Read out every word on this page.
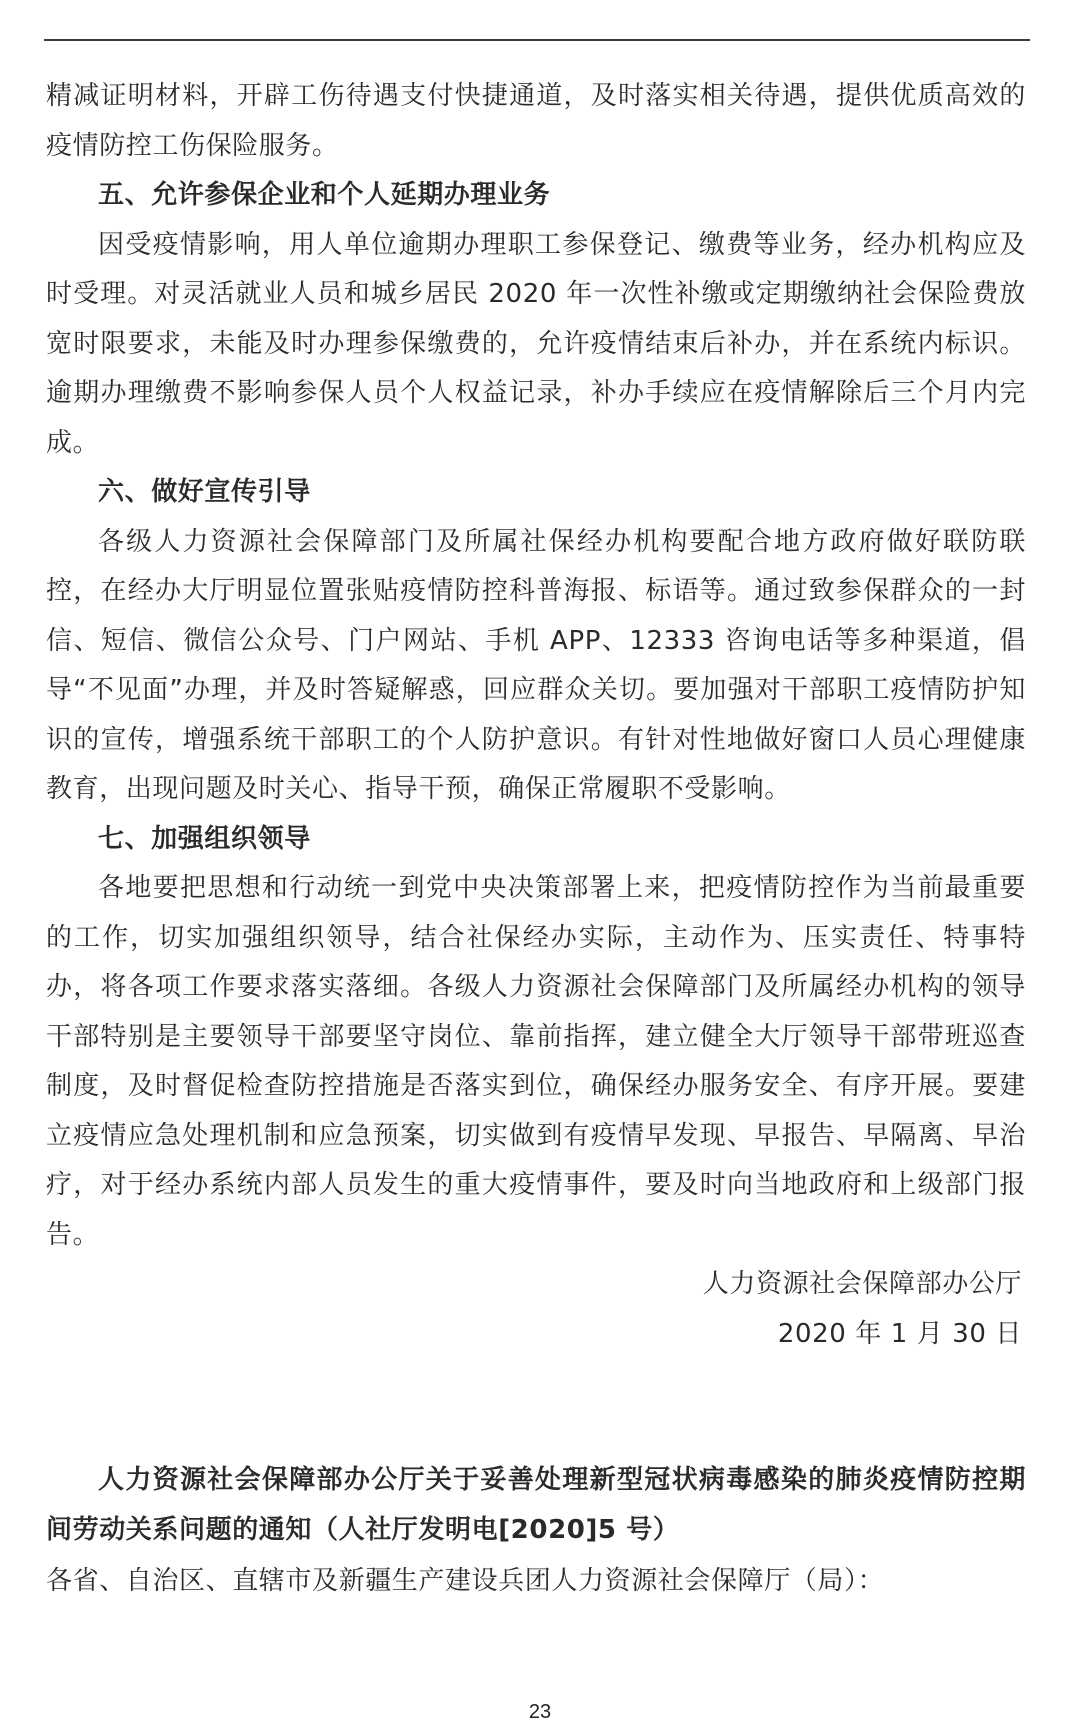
精减证明材料，开辟工伤待遇支付快捷通道，及时落实相关待遇，提供优质高效的疫情防控工伤保险服务。

五、允许参保企业和个人延期办理业务

因受疫情影响，用人单位逾期办理职工参保登记、缴费等业务，经办机构应及时受理。对灵活就业人员和城乡居民 2020 年一次性补缴或定期缴纳社会保险费放宽时限要求，未能及时办理参保缴费的，允许疫情结束后补办，并在系统内标识。逾期办理缴费不影响参保人员个人权益记录，补办手续应在疫情解除后三个月内完成。

六、做好宣传引导

各级人力资源社会保障部门及所属社保经办机构要配合地方政府做好联防联控，在经办大厅明显位置张贴疫情防控科普海报、标语等。通过致参保群众的一封信、短信、微信公众号、门户网站、手机 APP、12333 咨询电话等多种渠道，倡导“不见面”办理，并及时答疑解惑，回应群众关切。要加强对干部职工疫情防护知识的宣传，增强系统干部职工的个人防护意识。有针对性地做好窗口人员心理健康教育，出现问题及时关心、指导干预，确保正常履职不受影响。

七、加强组织领导

各地要把思想和行动统一到党中央决策部署上来，把疫情防控作为当前最重要的工作，切实加强组织领导，结合社保经办实际，主动作为、压实责任、特事特办，将各项工作要求落实落细。各级人力资源社会保障部门及所属经办机构的领导干部特别是主要领导干部要坚守岗位、靠前指挥，建立健全大厅领导干部带班巡查制度，及时督促检查防控措施是否落实到位，确保经办服务安全、有序开展。要建立疫情应急处理机制和应急预案，切实做到有疫情早发现、早报告、早隔离、早治疗，对于经办系统内部人员发生的重大疫情事件，要及时向当地政府和上级部门报告。

人力资源社会保障部办公厅

2020 年 1 月 30 日

人力资源社会保障部办公厅关于妥善处理新型冠状病毒感染的肺炎疫情防控期间劳动关系问题的通知（人社厅发明电[2020]5 号）

各省、自治区、直辖市及新疆生产建设兵团人力资源社会保障厅（局）：

23
